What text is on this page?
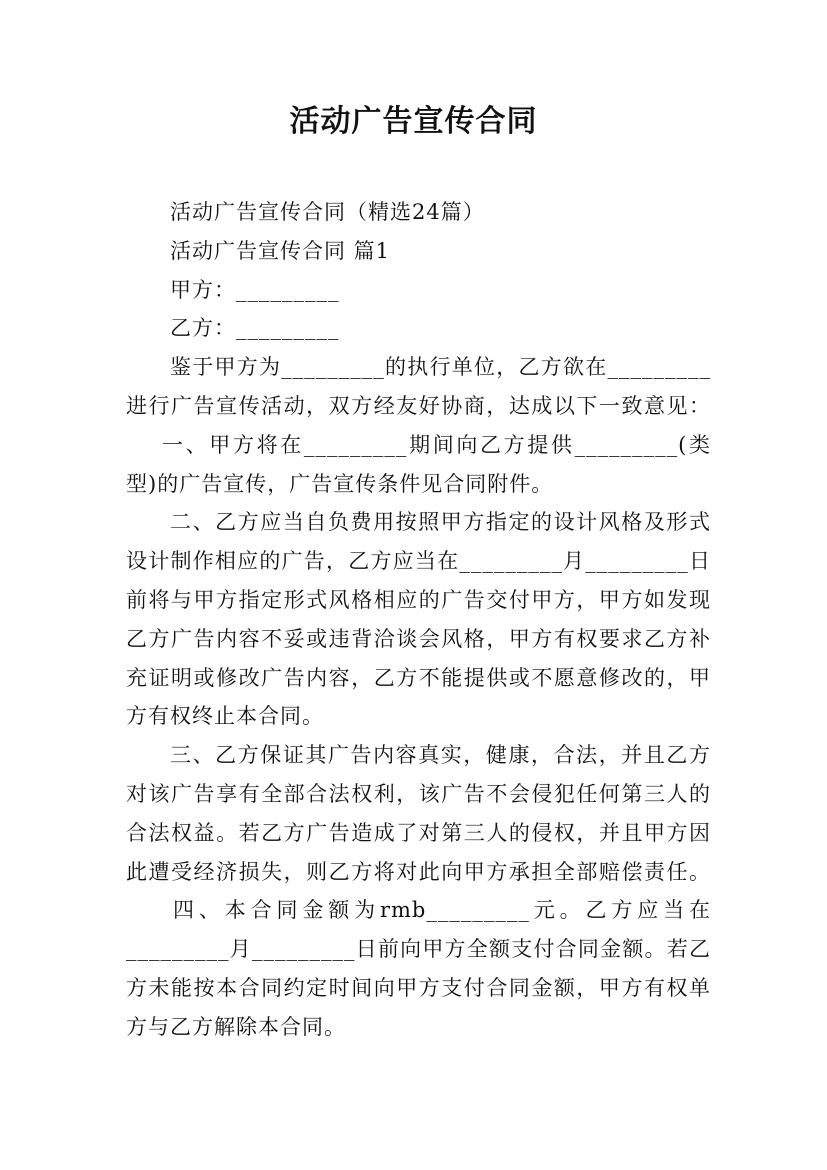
活动广告宣传合同
活动广告宣传合同（精选24篇）
活动广告宣传合同 篇1
甲方：_________
乙方：_________
鉴于甲方为_________的执行单位，乙方欲在_________
进行广告宣传活动，双方经友好协商，达成以下一致意见：
一、甲方将在_________期间向乙方提供_________(类
型)的广告宣传，广告宣传条件见合同附件。
二、乙方应当自负费用按照甲方指定的设计风格及形式
设计制作相应的广告，乙方应当在_________月_________日
前将与甲方指定形式风格相应的广告交付甲方，甲方如发现
乙方广告内容不妥或违背洽谈会风格，甲方有权要求乙方补
充证明或修改广告内容，乙方不能提供或不愿意修改的，甲
方有权终止本合同。
三、乙方保证其广告内容真实，健康，合法，并且乙方
对该广告享有全部合法权利，该广告不会侵犯任何第三人的
合法权益。若乙方广告造成了对第三人的侵权，并且甲方因
此遭受经济损失，则乙方将对此向甲方承担全部赔偿责任。
四、本合同金额为rmb_________元。乙方应当在
_________月_________日前向甲方全额支付合同金额。若乙
方未能按本合同约定时间向甲方支付合同金额，甲方有权单
方与乙方解除本合同。
